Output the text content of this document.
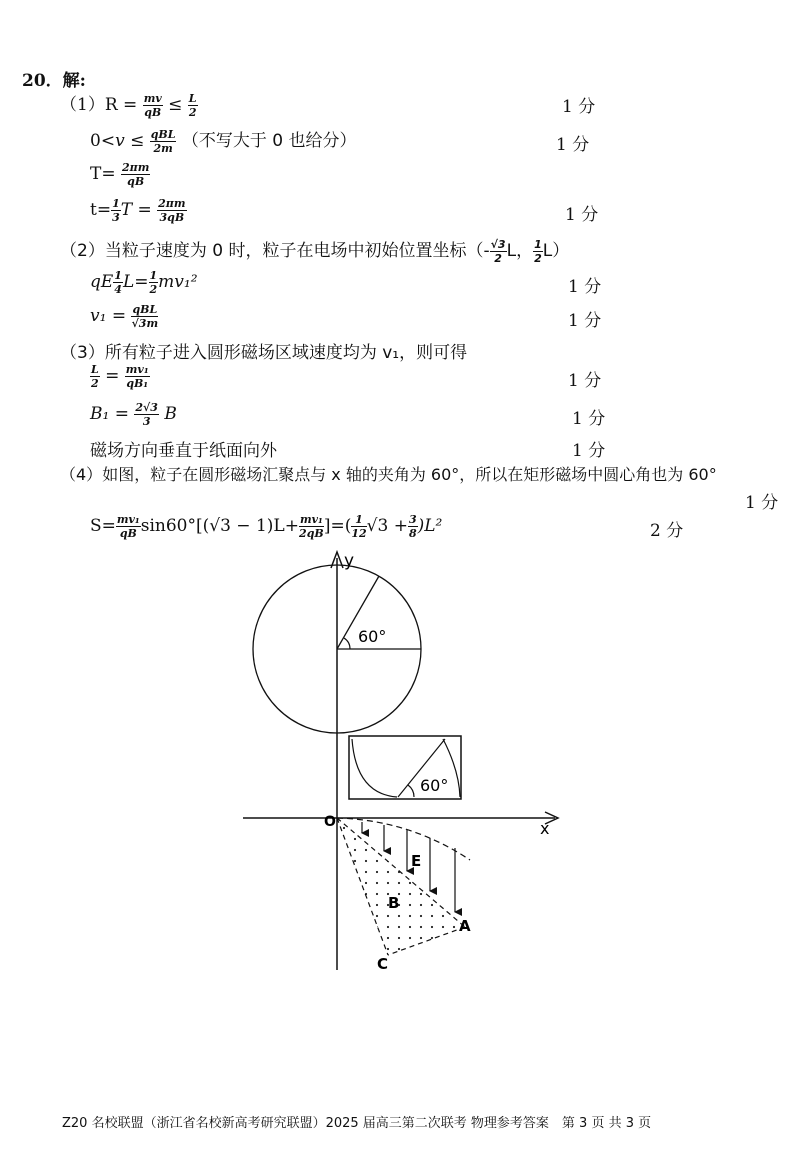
20．解:
$(1)R = \frac{mv}{qB} \le \frac{L}{2}$	1 分
$0<v \le \frac{\text{qBL}}{2m}$ （不写大于 0 也给分）	1 分
$T= \frac{2\pi m}{qB}$
$t= \frac{1}{3}$ $T = \frac{2\pi m}{3qB}$	1 分
（2）当粒子速度为 0 时，粒子在电场中初始位置坐标（- $\frac{√3}{2}$ L， $\frac{1}{2} L$）
qE $\frac{1}{4} L= \frac{1}{2} mv_1^2$	1 分
$v_1 = \frac{\text{qBL}}{√3m}$	1 分
（3）所有粒子进入圆形磁场区域速度均为 v₁，则可得
$\frac{L}{2} = \frac{\text{mv₁}}{\text{qB₁}}$	1 分
$B_1 = \frac{2√3}{3}$ B	1 分
磁场方向垂直于纸面向外	1 分
（4）如图，粒子在圆形磁场汇聚点与 x 轴的夹角为 60°，所以在矩形磁场中圆心角也为 60°
1 分
$S= \frac{\text{mv₁}}{qB} \sin 60^\circ[(√3 - 1)L+ \frac{\text{mv₁}}{2qB}$ ]=( $\frac{1}{12} √3 + \frac{3}{8} )L^2$	2 分
y
x
O
60°
60°
E
B
A
C
Z20 名校联盟（浙江省名校新高考研究联盟）2025 届高三第二次联考 物理参考答案　第 3 页 共 3 页
